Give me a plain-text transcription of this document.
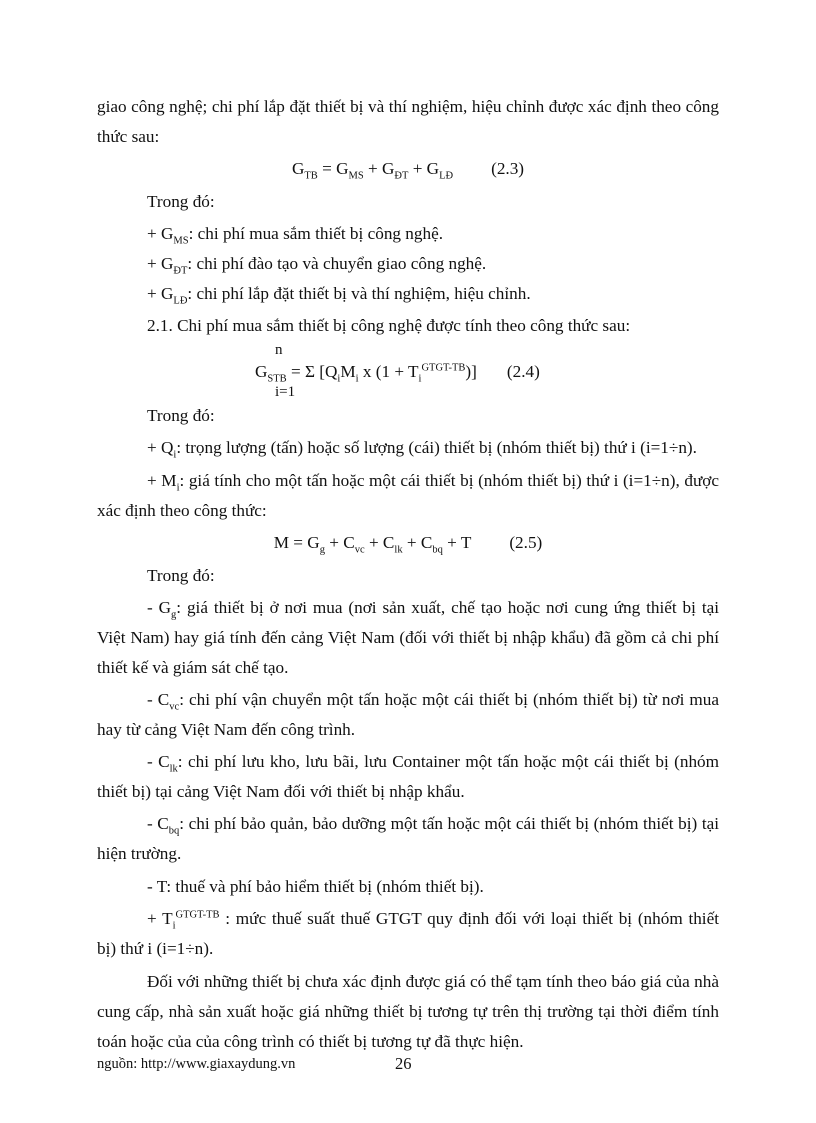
giao công nghệ; chi phí lắp đặt thiết bị và thí nghiệm, hiệu chỉnh được xác định theo công thức sau:

$G_{TB} = G_{MS} + G_{ĐT} + G_{LĐ}$ (2.3)

Trong đó:

+ $G_{MS}$: chi phí mua sắm thiết bị công nghệ.

+ $G_{ĐT}$: chi phí đào tạo và chuyển giao công nghệ.

+ $G_{LĐ}$: chi phí lắp đặt thiết bị và thí nghiệm, hiệu chỉnh.

2.1. Chi phí mua sắm thiết bị công nghệ được tính theo công thức sau:

n
$G_{STB} = \Sigma$ [$Q_iM_i$ x $(1 + T_i^{GTGT-TB})$] (2.4)
i=1

Trong đó:

+ $Q_i$: trọng lượng (tấn) hoặc số lượng (cái) thiết bị (nhóm thiết bị) thứ i (i=1÷n).

+ $M_i$: giá tính cho một tấn hoặc một cái thiết bị (nhóm thiết bị) thứ i (i=1÷n), được xác định theo công thức:

$M = G_g + C_{vc} + C_{lk} + C_{bq} + T$ (2.5)

Trong đó:

- $G_g$: giá thiết bị ở nơi mua (nơi sản xuất, chế tạo hoặc nơi cung ứng thiết bị tại Việt Nam) hay giá tính đến cảng Việt Nam (đối với thiết bị nhập khẩu) đã gồm cả chi phí thiết kế và giám sát chế tạo.

- $C_{vc}$: chi phí vận chuyển một tấn hoặc một cái thiết bị (nhóm thiết bị) từ nơi mua hay từ cảng Việt Nam đến công trình.

- $C_{lk}$: chi phí lưu kho, lưu bãi, lưu Container một tấn hoặc một cái thiết bị (nhóm thiết bị) tại cảng Việt Nam đối với thiết bị nhập khẩu.

- $C_{bq}$: chi phí bảo quản, bảo dưỡng một tấn hoặc một cái thiết bị (nhóm thiết bị) tại hiện trường.

- T: thuế và phí bảo hiểm thiết bị (nhóm thiết bị).

+ $T_i^{GTGT-TB}$ : mức thuế suất thuế GTGT quy định đối với loại thiết bị (nhóm thiết bị) thứ i (i=1÷n).

Đối với những thiết bị chưa xác định được giá có thể tạm tính theo báo giá của nhà cung cấp, nhà sản xuất hoặc giá những thiết bị tương tự trên thị trường tại thời điểm tính toán hoặc của của công trình có thiết bị tương tự đã thực hiện.

nguồn: http://www.giaxaydung.vn	26
